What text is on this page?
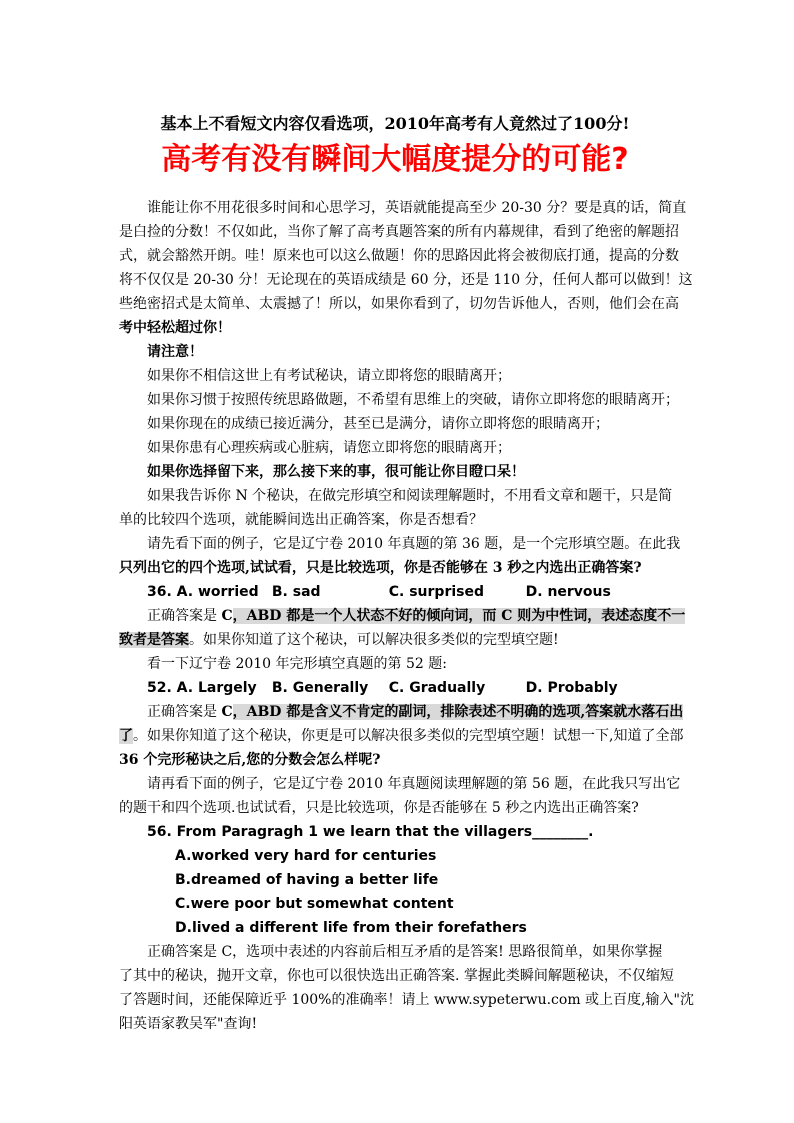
基本上不看短文内容仅看选项，2010年高考有人竟然过了100分!
高考有没有瞬间大幅度提分的可能?
谁能让你不用花很多时间和心思学习，英语就能提高至少 20-30 分？要是真的话，简直
是白捡的分数！不仅如此，当你了解了高考真题答案的所有内幕规律，看到了绝密的解题招
式，就会豁然开朗。哇！原来也可以这么做题！你的思路因此将会被彻底打通，提高的分数
将不仅仅是 20-30 分！无论现在的英语成绩是 60 分，还是 110 分，任何人都可以做到！这
些绝密招式是太简单、太震撼了！所以，如果你看到了，切勿告诉他人，否则，他们会在高
考中轻松超过你！
请注意！
如果你不相信这世上有考试秘诀，请立即将您的眼睛离开；
如果你习惯于按照传统思路做题，不希望有思维上的突破，请你立即将您的眼睛离开；
如果你现在的成绩已接近满分，甚至已是满分，请你立即将您的眼睛离开；
如果你患有心理疾病或心脏病，请您立即将您的眼睛离开；
如果你选择留下来，那么接下来的事，很可能让你目瞪口呆！
如果我告诉你 N 个秘诀，在做完形填空和阅读理解题时，不用看文章和题干，只是简
单的比较四个选项，就能瞬间选出正确答案，你是否想看？
请先看下面的例子，它是辽宁卷 2010 年真题的第 36 题，是一个完形填空题。在此我
只列出它的四个选项,试试看，只是比较选项，你是否能够在 3 秒之内选出正确答案?
36. A. worried B. sad	C. surprised	D. nervous
正确答案是 C，ABD 都是一个人状态不好的倾向词，而 C 则为中性词，表述态度不一
致者是答案。如果你知道了这个秘诀，可以解决很多类似的完型填空题!
看一下辽宁卷 2010 年完形填空真题的第 52 题:
52. A. Largely B. Generally C. Gradually	D. Probably
正确答案是 C，ABD 都是含义不肯定的副词，排除表述不明确的选项,答案就水落石出
了。如果你知道了这个秘诀，你更是可以解决很多类似的完型填空题！试想一下,知道了全部
36 个完形秘诀之后,您的分数会怎么样呢?
请再看下面的例子，它是辽宁卷 2010 年真题阅读理解题的第 56 题，在此我只写出它
的题干和四个选项.也试试看，只是比较选项，你是否能够在 5 秒之内选出正确答案?
56. From Paragragh 1 we learn that the villagers________.
A.worked very hard for centuries
B.dreamed of having a better life
C.were poor but somewhat content
D.lived a different life from their forefathers
正确答案是 C，选项中表述的内容前后相互矛盾的是答案! 思路很简单，如果你掌握
了其中的秘诀，抛开文章，你也可以很快选出正确答案. 掌握此类瞬间解题秘诀，不仅缩短
了答题时间，还能保障近乎 100%的准确率！请上 www.sypeterwu.com 或上百度,输入"沈
阳英语家教吴军"查询!
